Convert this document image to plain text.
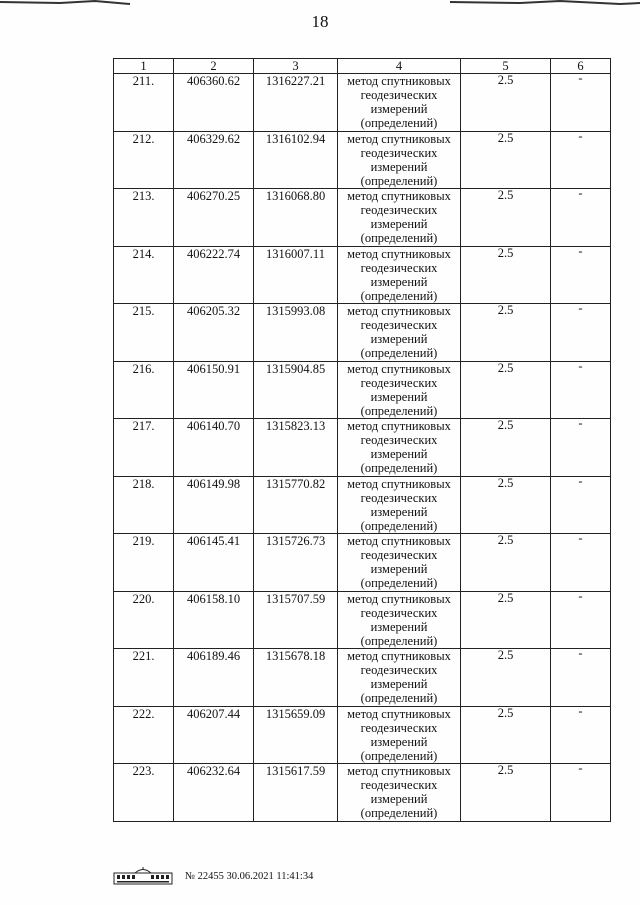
18
1	2	3	4	5	6
211.	406360.62	1316227.21	метод спутниковых
геодезических
измерений
(определений)	2.5	-
212.	406329.62	1316102.94	метод спутниковых
геодезических
измерений
(определений)	2.5	-
213.	406270.25	1316068.80	метод спутниковых
геодезических
измерений
(определений)	2.5	-
214.	406222.74	1316007.11	метод спутниковых
геодезических
измерений
(определений)	2.5	-
215.	406205.32	1315993.08	метод спутниковых
геодезических
измерений
(определений)	2.5	-
216.	406150.91	1315904.85	метод спутниковых
геодезических
измерений
(определений)	2.5	-
217.	406140.70	1315823.13	метод спутниковых
геодезических
измерений
(определений)	2.5	-
218.	406149.98	1315770.82	метод спутниковых
геодезических
измерений
(определений)	2.5	-
219.	406145.41	1315726.73	метод спутниковых
геодезических
измерений
(определений)	2.5	-
220.	406158.10	1315707.59	метод спутниковых
геодезических
измерений
(определений)	2.5	-
221.	406189.46	1315678.18	метод спутниковых
геодезических
измерений
(определений)	2.5	-
222.	406207.44	1315659.09	метод спутниковых
геодезических
измерений
(определений)	2.5	-
223.	406232.64	1315617.59	метод спутниковых
геодезических
измерений
(определений)	2.5	-
№ 22455 30.06.2021 11:41:34
